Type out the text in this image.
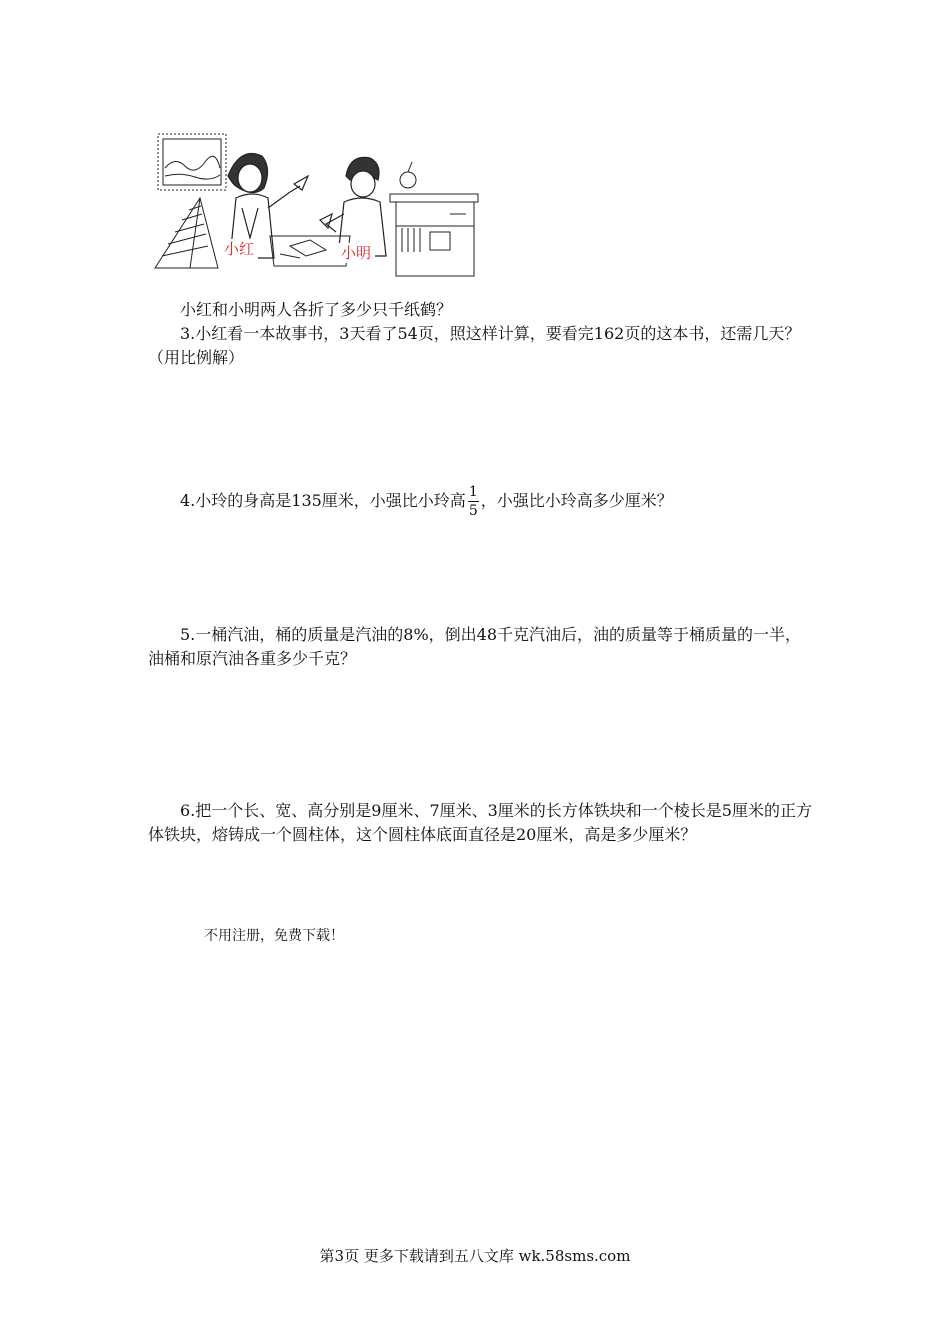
小红	小明

小红和小明两人各折了多少只千纸鹤？

3.小红看一本故事书，3天看了54页，照这样计算，要看完162页的这本书，还需几天？（用比例解）

4.小玲的身高是135厘米，小强比小玲高 $\frac{1}{5}$ ，小强比小玲高多少厘米？

5.一桶汽油，桶的质量是汽油的8%，倒出48千克汽油后，油的质量等于桶质量的一半，油桶和原汽油各重多少千克？

6.把一个长、宽、高分别是9厘米、7厘米、3厘米的长方体铁块和一个棱长是5厘米的正方体铁块，熔铸成一个圆柱体，这个圆柱体底面直径是20厘米，高是多少厘米？

不用注册，免费下载！

第3页 更多下载请到五八文库 wk.58sms.com
